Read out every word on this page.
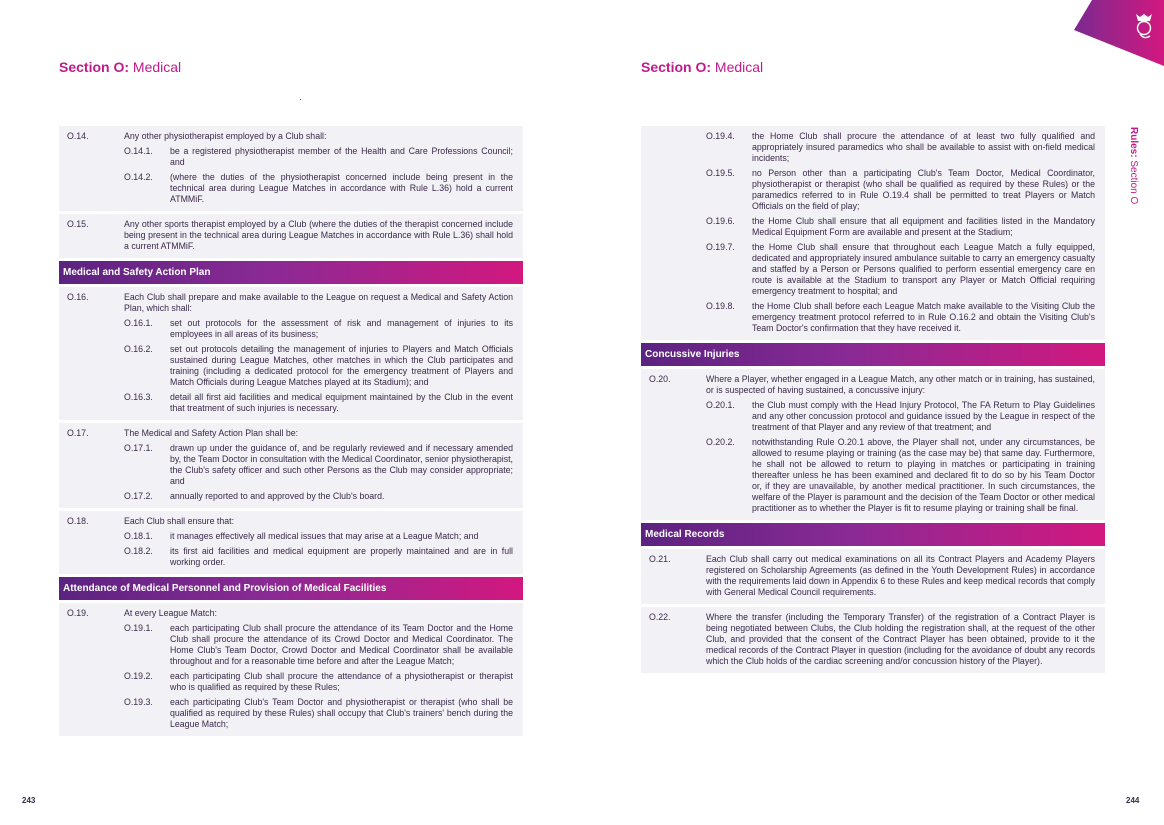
Section O: Medical	Section O: Medical
O.14.	Any other physiotherapist employed by a Club shall:
O.14.1.	be a registered physiotherapist member of the Health and Care Professions Council; and
O.14.2.	(where the duties of the physiotherapist concerned include being present in the technical area during League Matches in accordance with Rule L.36) hold a current ATMMiF.
O.15.	Any other sports therapist employed by a Club (where the duties of the therapist concerned include being present in the technical area during League Matches in accordance with Rule L.36) shall hold a current ATMMiF.
Medical and Safety Action Plan
O.16.	Each Club shall prepare and make available to the League on request a Medical and Safety Action Plan, which shall:
O.16.1.	set out protocols for the assessment of risk and management of injuries to its employees in all areas of its business;
O.16.2.	set out protocols detailing the management of injuries to Players and Match Officials sustained during League Matches, other matches in which the Club participates and training (including a dedicated protocol for the emergency treatment of Players and Match Officials during League Matches played at its Stadium); and
O.16.3.	detail all first aid facilities and medical equipment maintained by the Club in the event that treatment of such injuries is necessary.
O.17.	The Medical and Safety Action Plan shall be:
O.17.1.	drawn up under the guidance of, and be regularly reviewed and if necessary amended by, the Team Doctor in consultation with the Medical Coordinator, senior physiotherapist, the Club's safety officer and such other Persons as the Club may consider appropriate; and
O.17.2.	annually reported to and approved by the Club's board.
O.18.	Each Club shall ensure that:
O.18.1.	it manages effectively all medical issues that may arise at a League Match; and
O.18.2.	its first aid facilities and medical equipment are properly maintained and are in full working order.
Attendance of Medical Personnel and Provision of Medical Facilities
O.19.	At every League Match:
O.19.1.	each participating Club shall procure the attendance of its Team Doctor and the Home Club shall procure the attendance of its Crowd Doctor and Medical Coordinator. The Home Club's Team Doctor, Crowd Doctor and Medical Coordinator shall be available throughout and for a reasonable time before and after the League Match;
O.19.2.	each participating Club shall procure the attendance of a physiotherapist or therapist who is qualified as required by these Rules;
O.19.3.	each participating Club's Team Doctor and physiotherapist or therapist (who shall be qualified as required by these Rules) shall occupy that Club's trainers' bench during the League Match;
O.19.4.	the Home Club shall procure the attendance of at least two fully qualified and appropriately insured paramedics who shall be available to assist with on-field medical incidents;
O.19.5.	no Person other than a participating Club's Team Doctor, Medical Coordinator, physiotherapist or therapist (who shall be qualified as required by these Rules) or the paramedics referred to in Rule O.19.4 shall be permitted to treat Players or Match Officials on the field of play;
O.19.6.	the Home Club shall ensure that all equipment and facilities listed in the Mandatory Medical Equipment Form are available and present at the Stadium;
O.19.7.	the Home Club shall ensure that throughout each League Match a fully equipped, dedicated and appropriately insured ambulance suitable to carry an emergency casualty and staffed by a Person or Persons qualified to perform essential emergency care en route is available at the Stadium to transport any Player or Match Official requiring emergency treatment to hospital; and
O.19.8.	the Home Club shall before each League Match make available to the Visiting Club the emergency treatment protocol referred to in Rule O.16.2 and obtain the Visiting Club's Team Doctor's confirmation that they have received it.
Concussive Injuries
O.20.	Where a Player, whether engaged in a League Match, any other match or in training, has sustained, or is suspected of having sustained, a concussive injury:
O.20.1.	the Club must comply with the Head Injury Protocol, The FA Return to Play Guidelines and any other concussion protocol and guidance issued by the League in respect of the treatment of that Player and any review of that treatment; and
O.20.2.	notwithstanding Rule O.20.1 above, the Player shall not, under any circumstances, be allowed to resume playing or training (as the case may be) that same day. Furthermore, he shall not be allowed to return to playing in matches or participating in training thereafter unless he has been examined and declared fit to do so by his Team Doctor or, if they are unavailable, by another medical practitioner. In such circumstances, the welfare of the Player is paramount and the decision of the Team Doctor or other medical practitioner as to whether the Player is fit to resume playing or training shall be final.
Medical Records
O.21.	Each Club shall carry out medical examinations on all its Contract Players and Academy Players registered on Scholarship Agreements (as defined in the Youth Development Rules) in accordance with the requirements laid down in Appendix 6 to these Rules and keep medical records that comply with General Medical Council requirements.
O.22.	Where the transfer (including the Temporary Transfer) of the registration of a Contract Player is being negotiated between Clubs, the Club holding the registration shall, at the request of the other Club, and provided that the consent of the Contract Player has been obtained, provide to it the medical records of the Contract Player in question (including for the avoidance of doubt any records which the Club holds of the cardiac screening and/or concussion history of the Player).
Rules: Section O
243	244
